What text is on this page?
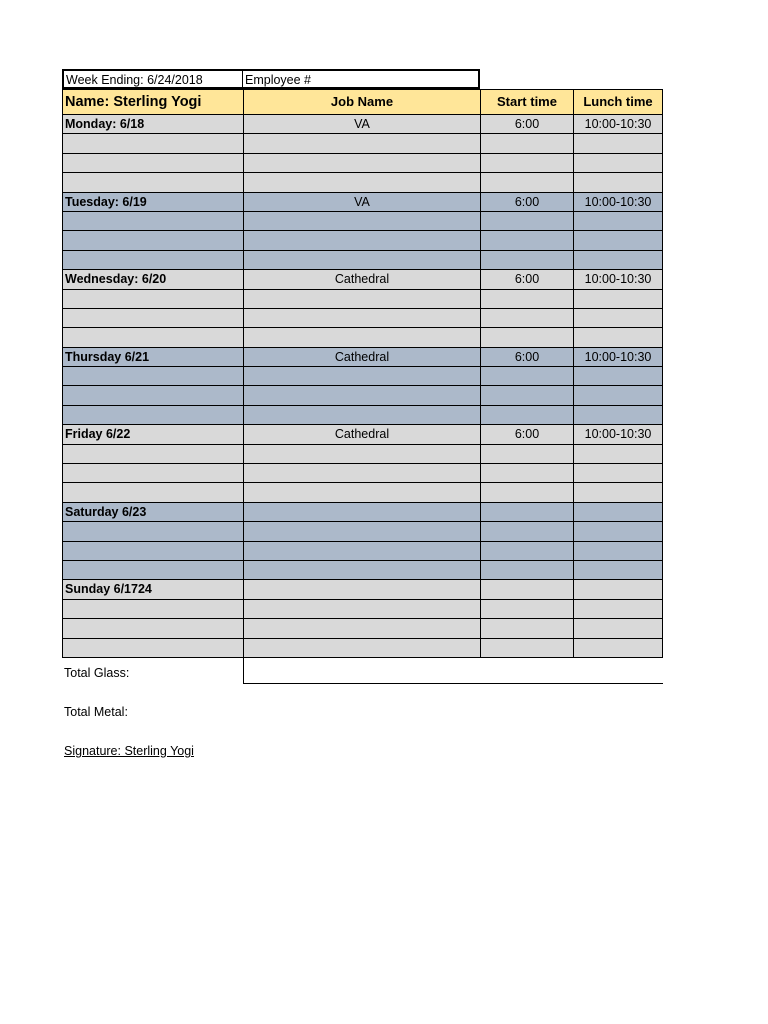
Week Ending: 6/24/2018	Employee #
Name: Sterling Yogi	Job Name	Start time	Lunch time
Monday: 6/18	VA	6:00	10:00-10:30
Tuesday: 6/19	VA	6:00	10:00-10:30
Wednesday: 6/20	Cathedral	6:00	10:00-10:30
Thursday 6/21	Cathedral	6:00	10:00-10:30
Friday 6/22	Cathedral	6:00	10:00-10:30
Saturday 6/23
Sunday 6/1724
Total Glass:
Total Metal:
Signature: Sterling Yogi
